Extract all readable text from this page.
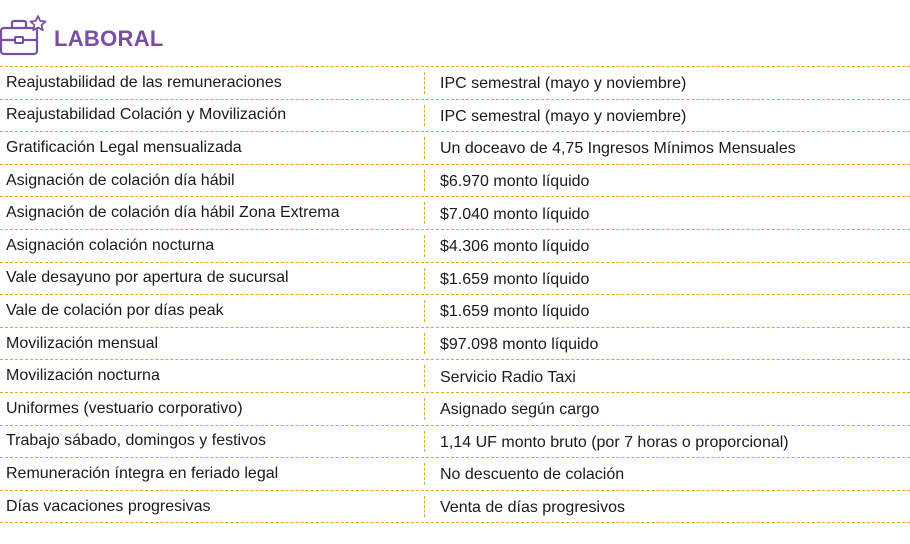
LABORAL
Reajustabilidad de las remuneraciones	IPC semestral (mayo y noviembre)
Reajustabilidad Colación y Movilización	IPC semestral (mayo y noviembre)
Gratificación Legal mensualizada	Un doceavo de 4,75 Ingresos Mínimos Mensuales
Asignación de colación día hábil	$6.970 monto líquido
Asignación de colación día hábil Zona Extrema	$7.040 monto líquido
Asignación colación nocturna	$4.306 monto líquido
Vale desayuno por apertura de sucursal	$1.659 monto líquido
Vale de colación por días peak	$1.659 monto líquido
Movilización mensual	$97.098 monto líquido
Movilización nocturna	Servicio Radio Taxi
Uniformes (vestuario corporativo)	Asignado según cargo
Trabajo sábado, domingos y festivos	1,14 UF monto bruto (por 7 horas o proporcional)
Remuneración íntegra en feriado legal	No descuento de colación
Días vacaciones progresivas	Venta de días progresivos
